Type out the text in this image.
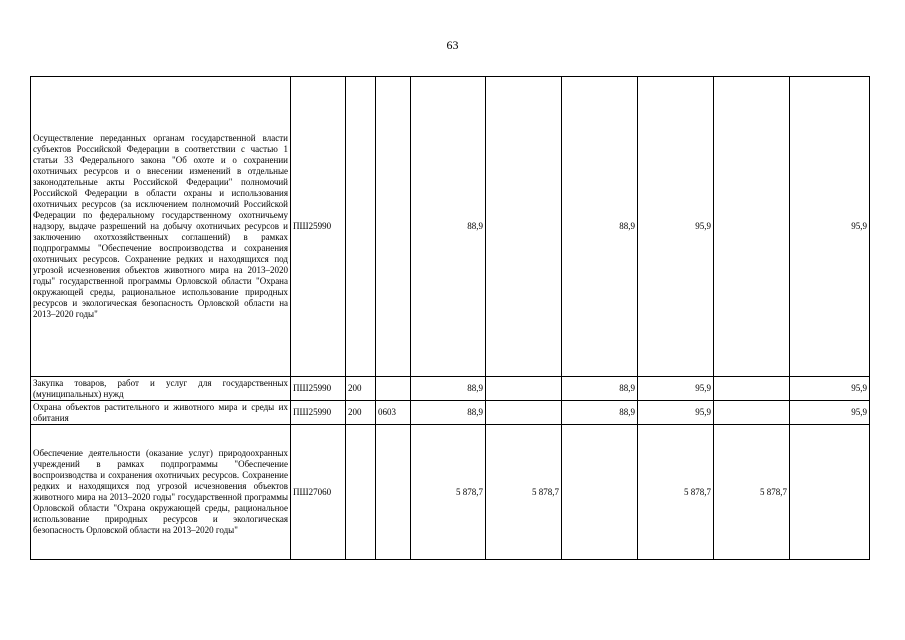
63
Осуществление переданных органам государственной власти субъектов Российской Федерации в соответствии с частью 1 статьи 33 Федерального закона "Об охоте и о сохранении охотничьих ресурсов и о внесении изменений в отдельные законодательные акты Российской Федерации" полномочий Российской Федерации в области охраны и использования охотничьих ресурсов (за исключением полномочий Российской Федерации по федеральному государственному охотничьему надзору, выдаче разрешений на добычу охотничьих ресурсов и заключению охотхозяйственных соглашений) в рамках подпрограммы "Обеспечение воспроизводства и сохранения охотничьих ресурсов. Сохранение редких и находящихся под угрозой исчезновения объектов животного мира на 2013–2020 годы" государственной программы Орловской области "Охрана окружающей среды, рациональное использование природных ресурсов и экологическая безопасность Орловской области на 2013–2020 годы"	ПШ25990			88,9		88,9	95,9		95,9
Закупка товаров, работ и услуг для государственных (муниципальных) нужд	ПШ25990	200		88,9		88,9	95,9		95,9
Охрана объектов растительного и животного мира и среды их обитания	ПШ25990	200	0603	88,9		88,9	95,9		95,9
Обеспечение деятельности (оказание услуг) природоохранных учреждений в рамках подпрограммы "Обеспечение воспроизводства и сохранения охотничьих ресурсов. Сохранение редких и находящихся под угрозой исчезновения объектов животного мира на 2013–2020 годы" государственной программы Орловской области "Охрана окружающей среды, рациональное использование природных ресурсов и экологическая безопасность Орловской области на 2013–2020 годы"	ПШ27060			5 878,7	5 878,7		5 878,7	5 878,7	
